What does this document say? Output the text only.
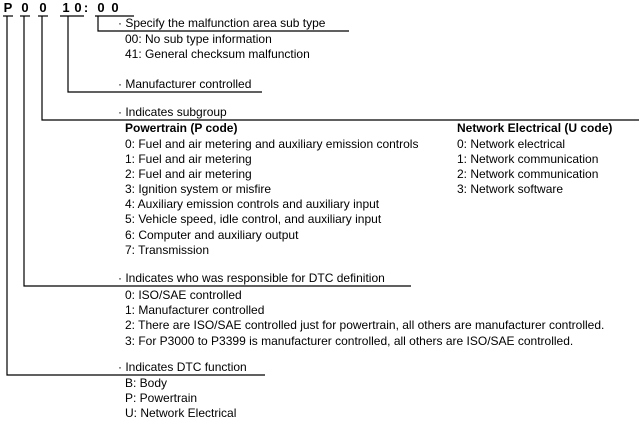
P 0 0 1 0 : 0 0
· Specify the malfunction area sub type
00: No sub type information
41: General checksum malfunction
· Manufacturer controlled
· Indicates subgroup
Powertrain (P code)
0: Fuel and air metering and auxiliary emission controls
1: Fuel and air metering
2: Fuel and air metering
3: Ignition system or misfire
4: Auxiliary emission controls and auxiliary input
5: Vehicle speed, idle control, and auxiliary input
6: Computer and auxiliary output
7: Transmission
Network Electrical (U code)
0: Network electrical
1: Network communication
2: Network communication
3: Network software
· Indicates who was responsible for DTC definition
0: ISO/SAE controlled
1: Manufacturer controlled
2: There are ISO/SAE controlled just for powertrain, all others are manufacturer controlled.
3: For P3000 to P3399 is manufacturer controlled, all others are ISO/SAE controlled.
· Indicates DTC function
B: Body
P: Powertrain
U: Network Electrical
